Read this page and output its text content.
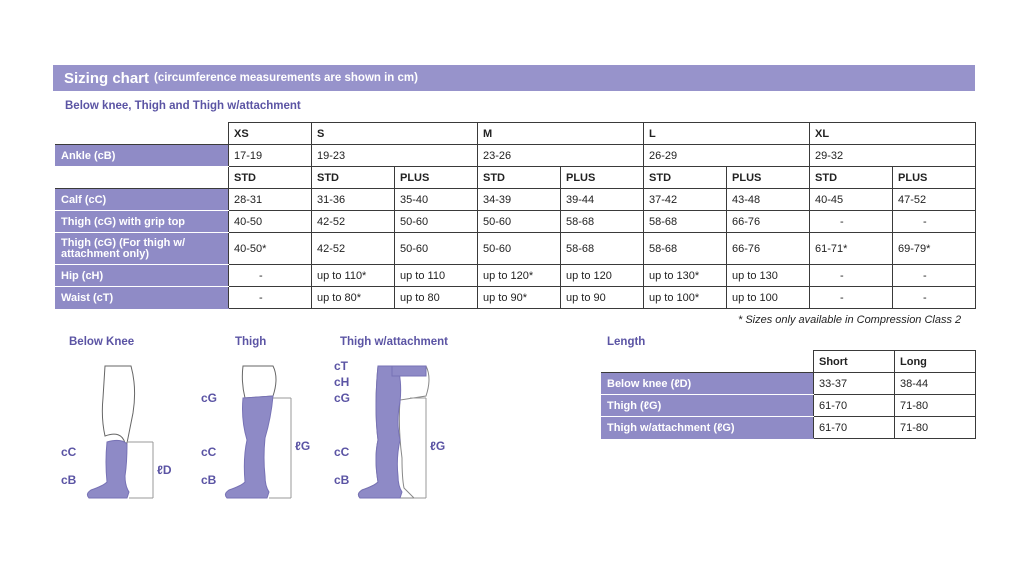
Sizing chart (circumference measurements are shown in cm)
Below knee, Thigh and Thigh w/attachment
	XS	S		M		L		XL	
Ankle (cB)	17-19	19-23		23-26		26-29		29-32	
	STD	STD	PLUS	STD	PLUS	STD	PLUS	STD	PLUS
Calf (cC)	28-31	31-36	35-40	34-39	39-44	37-42	43-48	40-45	47-52
Thigh (cG) with grip top	40-50	42-52	50-60	50-60	58-68	58-68	66-76	-	-
Thigh (cG) (For thigh w/ attachment only)	40-50*	42-52	50-60	50-60	58-68	58-68	66-76	61-71*	69-79*
Hip (cH)	-	up to 110*	up to 110	up to 120*	up to 120	up to 130*	up to 130	-	-
Waist (cT)	-	up to 80*	up to 80	up to 90*	up to 90	up to 100*	up to 100	-	-
* Sizes only available in Compression Class 2
Below Knee	Thigh	Thigh w/attachment	Length
cC
cB
ℓD
cG
cC
cB
ℓG
cT
cH
cG
cC
cB
ℓG
	Short	Long
Below knee (ℓD)	33-37	38-44
Thigh (ℓG)	61-70	71-80
Thigh w/attachment (ℓG)	61-70	71-80
